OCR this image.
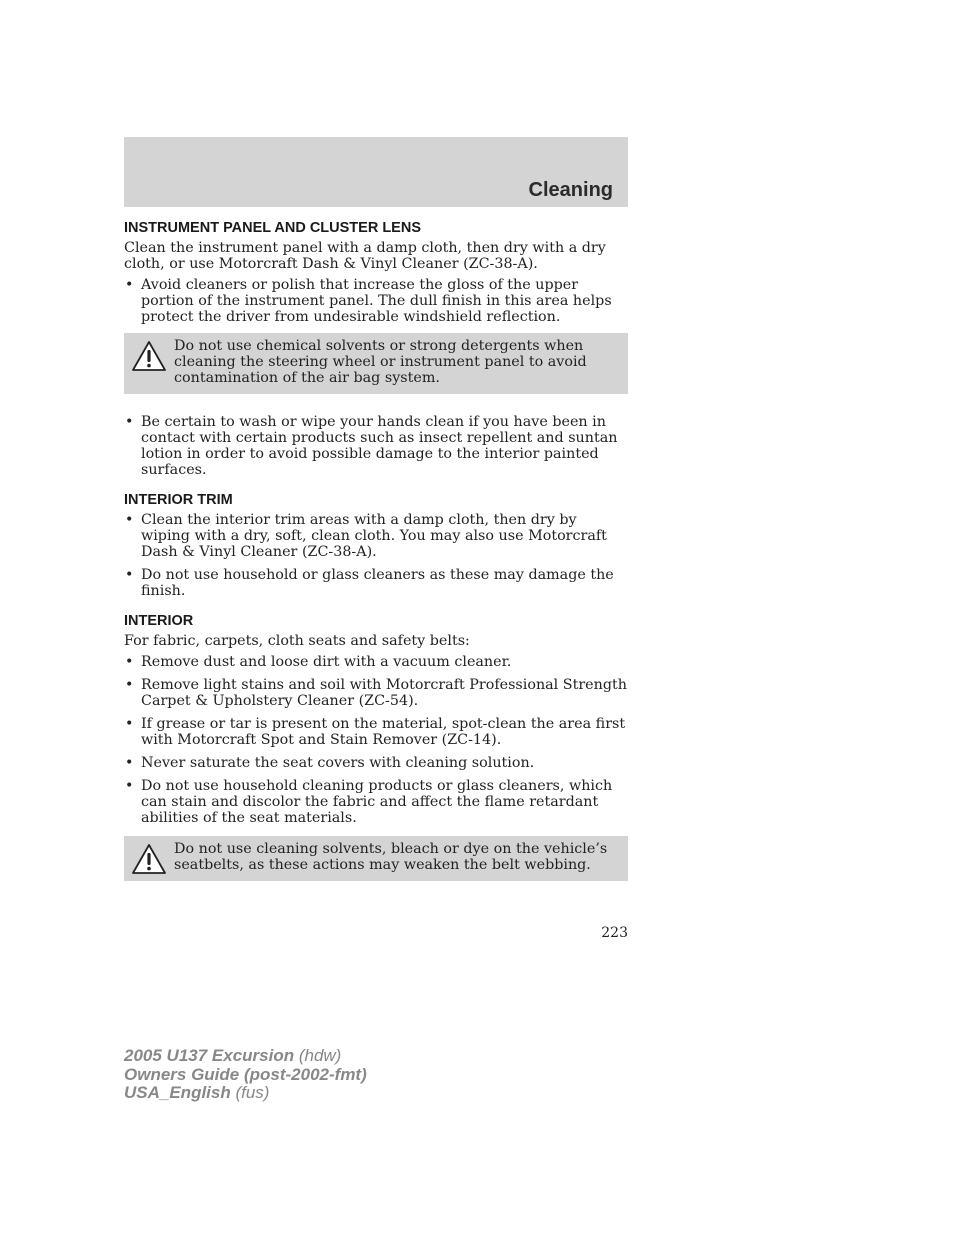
Cleaning
INSTRUMENT PANEL AND CLUSTER LENS

Clean the instrument panel with a damp cloth, then dry with a dry cloth, or use Motorcraft Dash & Vinyl Cleaner (ZC-38-A).

• Avoid cleaners or polish that increase the gloss of the upper portion of the instrument panel. The dull finish in this area helps protect the driver from undesirable windshield reflection.
Do not use chemical solvents or strong detergents when cleaning the steering wheel or instrument panel to avoid contamination of the air bag system.
• Be certain to wash or wipe your hands clean if you have been in contact with certain products such as insect repellent and suntan lotion in order to avoid possible damage to the interior painted surfaces.
INTERIOR TRIM
• Clean the interior trim areas with a damp cloth, then dry by wiping with a dry, soft, clean cloth. You may also use Motorcraft Dash & Vinyl Cleaner (ZC-38-A).
• Do not use household or glass cleaners as these may damage the finish.
INTERIOR

For fabric, carpets, cloth seats and safety belts:

• Remove dust and loose dirt with a vacuum cleaner.
• Remove light stains and soil with Motorcraft Professional Strength Carpet & Upholstery Cleaner (ZC-54).
• If grease or tar is present on the material, spot-clean the area first with Motorcraft Spot and Stain Remover (ZC-14).
• Never saturate the seat covers with cleaning solution.
• Do not use household cleaning products or glass cleaners, which can stain and discolor the fabric and affect the flame retardant abilities of the seat materials.
Do not use cleaning solvents, bleach or dye on the vehicle’s seatbelts, as these actions may weaken the belt webbing.
223
2005 U137 Excursion (hdw)
Owners Guide (post-2002-fmt)
USA_English (fus)
